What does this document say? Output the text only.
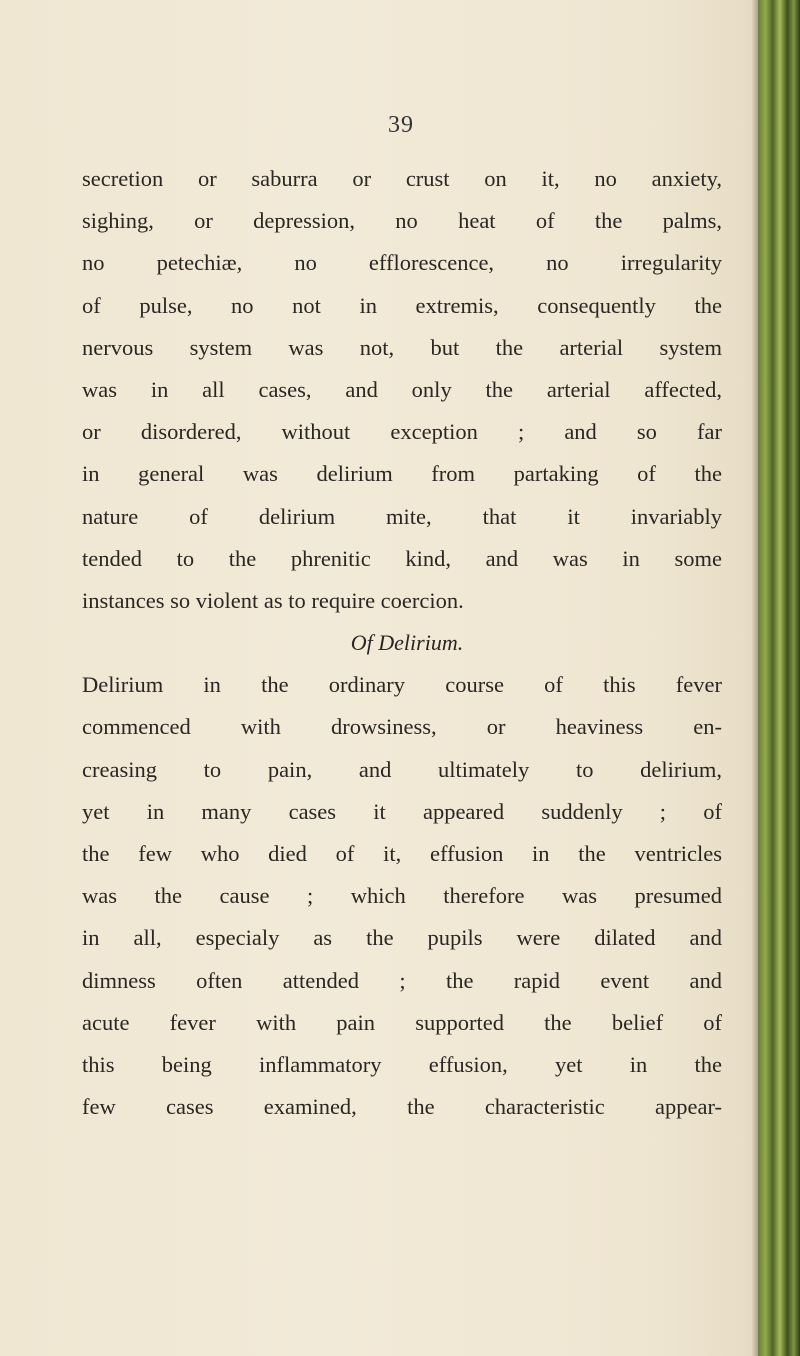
39
secretion or saburra or crust on it, no anxiety,
sighing, or depression, no heat of the palms,
no petechiæ, no efflorescence, no irregularity
of pulse, no not in extremis, consequently the
nervous system was not, but the arterial system
was in all cases, and only the arterial affected,
or disordered, without exception ; and so far
in general was delirium from partaking of the
nature of delirium mite, that it invariably
tended to the phrenitic kind, and was in some
instances so violent as to require coercion.
Of Delirium.
Delirium in the ordinary course of this fever
commenced with drowsiness, or heaviness en-
creasing to pain, and ultimately to delirium,
yet in many cases it appeared suddenly ; of
the few who died of it, effusion in the ventricles
was the cause ; which therefore was presumed
in all, especialy as the pupils were dilated and
dimness often attended ; the rapid event and
acute fever with pain supported the belief of
this being inflammatory effusion, yet in the
few cases examined, the characteristic appear-
